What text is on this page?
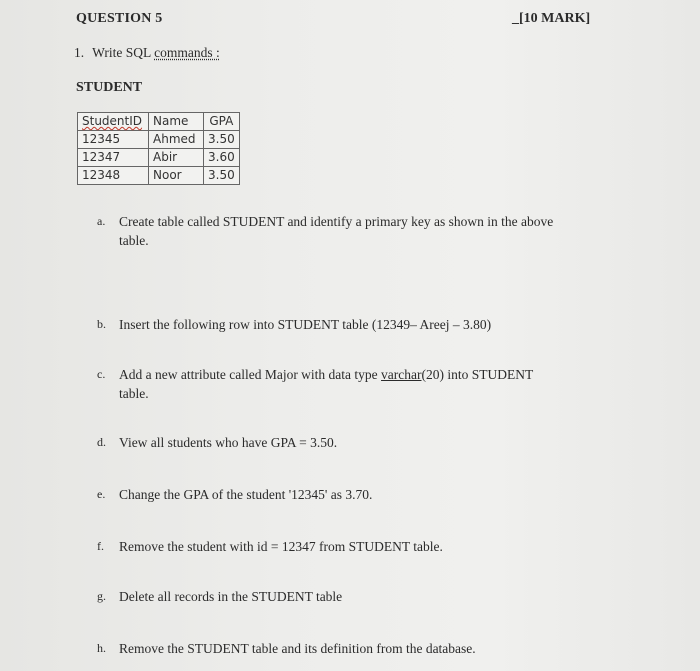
QUESTION 5	_[10 MARK]
1. Write SQL commands :
STUDENT
StudentID	Name	GPA
12345	Ahmed	3.50
12347	Abir	3.60
12348	Noor	3.50
a.	Create table called STUDENT and identify a primary key as shown in the above
table.
b. Insert the following row into STUDENT table (12349– Areej – 3.80)
c.	Add a new attribute called Major with data type varchar(20) into STUDENT
table.
d. View all students who have GPA = 3.50.
e.	Change the GPA of the student '12345' as 3.70.
f.	Remove the student with id = 12347 from STUDENT table.
g. Delete all records in the STUDENT table
h. Remove the STUDENT table and its definition from the database.
